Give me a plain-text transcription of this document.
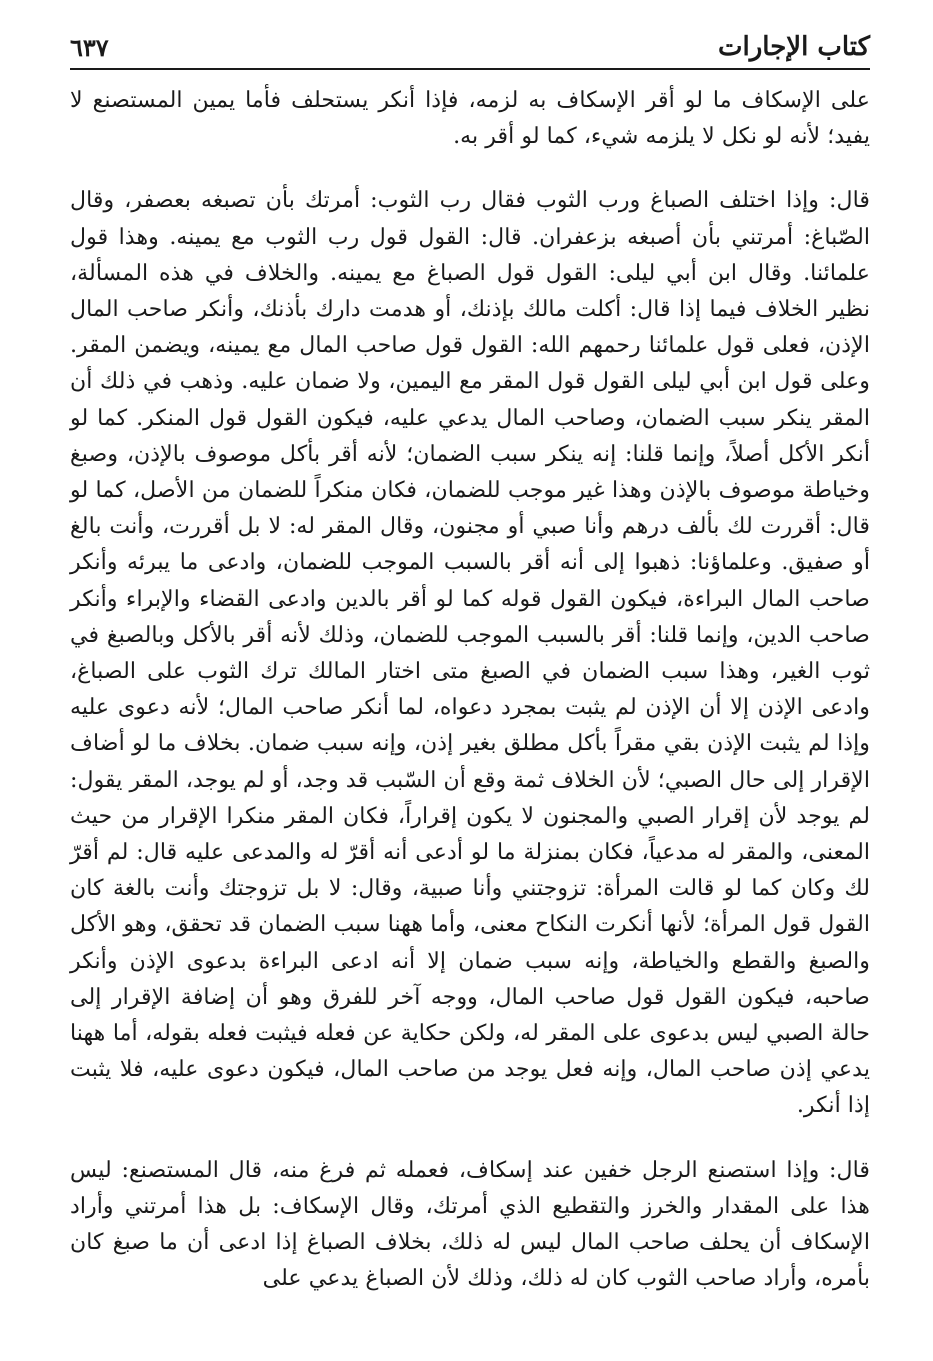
كتاب الإجارات
٦٣٧

على الإسكاف ما لو أقر الإسكاف به لزمه، فإذا أنكر يستحلف فأما يمين المستصنع لا يفيد؛ لأنه لو نكل لا يلزمه شيء، كما لو أقر به.

قال: وإذا اختلف الصباغ ورب الثوب فقال رب الثوب: أمرتك بأن تصبغه بعصفر، وقال الصّباغ: أمرتني بأن أصبغه بزعفران. قال: القول قول رب الثوب مع يمينه. وهذا قول علمائنا. وقال ابن أبي ليلى: القول قول الصباغ مع يمينه. والخلاف في هذه المسألة، نظير الخلاف فيما إذا قال: أكلت مالك بإذنك، أو هدمت دارك بأذنك، وأنكر صاحب المال الإذن، فعلى قول علمائنا رحمهم الله: القول قول صاحب المال مع يمينه، ويضمن المقر. وعلى قول ابن أبي ليلى القول قول المقر مع اليمين، ولا ضمان عليه. وذهب في ذلك أن المقر ينكر سبب الضمان، وصاحب المال يدعي عليه، فيكون القول قول المنكر. كما لو أنكر الأكل أصلاً، وإنما قلنا: إنه ينكر سبب الضمان؛ لأنه أقر بأكل موصوف بالإذن، وصبغ وخياطة موصوف بالإذن وهذا غير موجب للضمان، فكان منكراً للضمان من الأصل، كما لو قال: أقررت لك بألف درهم وأنا صبي أو مجنون، وقال المقر له: لا بل أقررت، وأنت بالغ أو صفيق. وعلماؤنا: ذهبوا إلى أنه أقر بالسبب الموجب للضمان، وادعى ما يبرئه وأنكر صاحب المال البراءة، فيكون القول قوله كما لو أقر بالدين وادعى القضاء والإبراء وأنكر صاحب الدين، وإنما قلنا: أقر بالسبب الموجب للضمان، وذلك لأنه أقر بالأكل وبالصبغ في ثوب الغير، وهذا سبب الضمان في الصبغ متى اختار المالك ترك الثوب على الصباغ، وادعى الإذن إلا أن الإذن لم يثبت بمجرد دعواه، لما أنكر صاحب المال؛ لأنه دعوى عليه وإذا لم يثبت الإذن بقي مقراً بأكل مطلق بغير إذن، وإنه سبب ضمان. بخلاف ما لو أضاف الإقرار إلى حال الصبي؛ لأن الخلاف ثمة وقع أن السّبب قد وجد، أو لم يوجد، المقر يقول: لم يوجد لأن إقرار الصبي والمجنون لا يكون إقراراً، فكان المقر منكرا الإقرار من حيث المعنى، والمقر له مدعياً، فكان بمنزلة ما لو أدعى أنه أقرّ له والمدعى عليه قال: لم أقرّ لك وكان كما لو قالت المرأة: تزوجتني وأنا صبية، وقال: لا بل تزوجتك وأنت بالغة كان القول قول المرأة؛ لأنها أنكرت النكاح معنى، وأما ههنا سبب الضمان قد تحقق، وهو الأكل والصبغ والقطع والخياطة، وإنه سبب ضمان إلا أنه ادعى البراءة بدعوى الإذن وأنكر صاحبه، فيكون القول قول صاحب المال، ووجه آخر للفرق وهو أن إضافة الإقرار إلى حالة الصبي ليس بدعوى على المقر له، ولكن حكاية عن فعله فيثبت فعله بقوله، أما ههنا يدعي إذن صاحب المال، وإنه فعل يوجد من صاحب المال، فيكون دعوى عليه، فلا يثبت إذا أنكر.

قال: وإذا استصنع الرجل خفين عند إسكاف، فعمله ثم فرغ منه، قال المستصنع: ليس هذا على المقدار والخرز والتقطيع الذي أمرتك، وقال الإسكاف: بل هذا أمرتني وأراد الإسكاف أن يحلف صاحب المال ليس له ذلك، بخلاف الصباغ إذا ادعى أن ما صبغ كان بأمره، وأراد صاحب الثوب كان له ذلك، وذلك لأن الصباغ يدعي على
